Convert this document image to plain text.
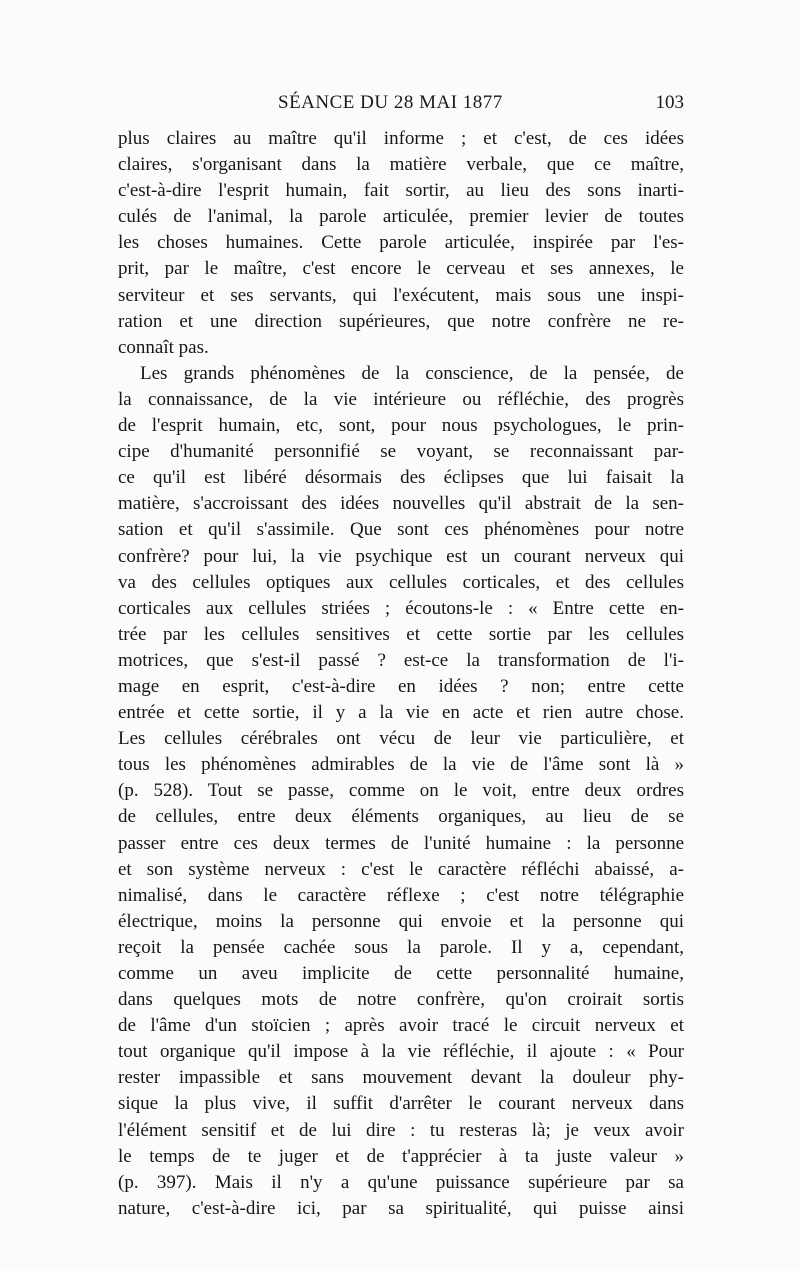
SÉANCE DU 28 MAI 1877	103
plus claires au maître qu'il informe ; et c'est, de ces idées
claires, s'organisant dans la matière verbale, que ce maître,
c'est-à-dire l'esprit humain, fait sortir, au lieu des sons inarti-
culés de l'animal, la parole articulée, premier levier de toutes
les choses humaines. Cette parole articulée, inspirée par l'es-
prit, par le maître, c'est encore le cerveau et ses annexes, le
serviteur et ses servants, qui l'exécutent, mais sous une inspi-
ration et une direction supérieures, que notre confrère ne re-
connaît pas.
Les grands phénomènes de la conscience, de la pensée, de
la connaissance, de la vie intérieure ou réfléchie, des progrès
de l'esprit humain, etc, sont, pour nous psychologues, le prin-
cipe d'humanité personnifié se voyant, se reconnaissant par-
ce qu'il est libéré désormais des éclipses que lui faisait la
matière, s'accroissant des idées nouvelles qu'il abstrait de la sen-
sation et qu'il s'assimile. Que sont ces phénomènes pour notre
confrère? pour lui, la vie psychique est un courant nerveux qui
va des cellules optiques aux cellules corticales, et des cellules
corticales aux cellules striées ; écoutons-le : « Entre cette en-
trée par les cellules sensitives et cette sortie par les cellules
motrices, que s'est-il passé ? est-ce la transformation de l'i-
mage en esprit, c'est-à-dire en idées ? non; entre cette
entrée et cette sortie, il y a la vie en acte et rien autre chose.
Les cellules cérébrales ont vécu de leur vie particulière, et
tous les phénomènes admirables de la vie de l'âme sont là »
(p. 528). Tout se passe, comme on le voit, entre deux ordres
de cellules, entre deux éléments organiques, au lieu de se
passer entre ces deux termes de l'unité humaine : la personne
et son système nerveux : c'est le caractère réfléchi abaissé, a-
nimalisé, dans le caractère réflexe ; c'est notre télégraphie
électrique, moins la personne qui envoie et la personne qui
reçoit la pensée cachée sous la parole. Il y a, cependant,
comme un aveu implicite de cette personnalité humaine,
dans quelques mots de notre confrère, qu'on croirait sortis
de l'âme d'un stoïcien ; après avoir tracé le circuit nerveux et
tout organique qu'il impose à la vie réfléchie, il ajoute : « Pour
rester impassible et sans mouvement devant la douleur phy-
sique la plus vive, il suffit d'arrêter le courant nerveux dans
l'élément sensitif et de lui dire : tu resteras là; je veux avoir
le temps de te juger et de t'apprécier à ta juste valeur »
(p. 397). Mais il n'y a qu'une puissance supérieure par sa
nature, c'est-à-dire ici, par sa spiritualité, qui puisse ainsi
